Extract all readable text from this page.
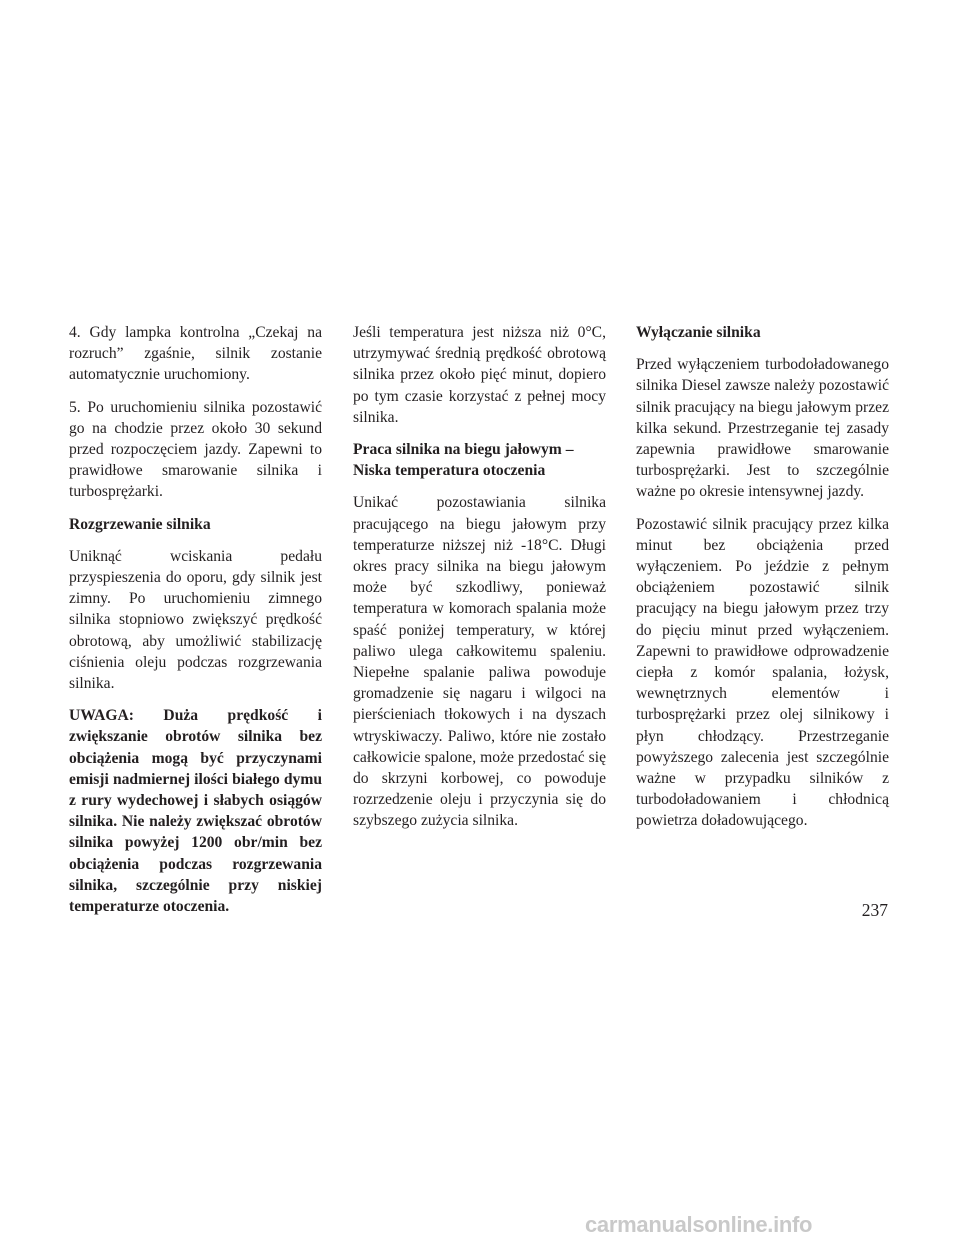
4. Gdy lampka kontrolna „Czekaj na rozruch” zgaśnie, silnik zostanie automatycznie uruchomiony.

5. Po uruchomieniu silnika pozostawić go na chodzie przez około 30 sekund przed rozpoczęciem jazdy. Zapewni to prawidłowe smarowanie silnika i turbosprężarki.

Rozgrzewanie silnika

Uniknąć wciskania pedału przyspieszenia do oporu, gdy silnik jest zimny. Po uruchomieniu zimnego silnika stopniowo zwiększyć prędkość obrotową, aby umożliwić stabilizację ciśnienia oleju podczas rozgrzewania silnika.

UWAGA: Duża prędkość i zwiększanie obrotów silnika bez obciążenia mogą być przyczynami emisji nadmiernej ilości białego dymu z rury wydechowej i słabych osiągów silnika. Nie należy zwiększać obrotów silnika powyżej 1200 obr/min bez obciążenia podczas rozgrzewania silnika, szczególnie przy niskiej temperaturze otoczenia.

Jeśli temperatura jest niższa niż 0°C, utrzymywać średnią prędkość obrotową silnika przez około pięć minut, dopiero po tym czasie korzystać z pełnej mocy silnika.

Praca silnika na biegu jałowym – Niska temperatura otoczenia

Unikać pozostawiania silnika pracującego na biegu jałowym przy temperaturze niższej niż -18°C. Długi okres pracy silnika na biegu jałowym może być szkodliwy, ponieważ temperatura w komorach spalania może spaść poniżej temperatury, w której paliwo ulega całkowitemu spaleniu. Niepełne spalanie paliwa powoduje gromadzenie się nagaru i wilgoci na pierścieniach tłokowych i na dyszach wtryskiwaczy. Paliwo, które nie zostało całkowicie spalone, może przedostać się do skrzyni korbowej, co powoduje rozrzedzenie oleju i przyczynia się do szybszego zużycia silnika.

Wyłączanie silnika

Przed wyłączeniem turbodoładowanego silnika Diesel zawsze należy pozostawić silnik pracujący na biegu jałowym przez kilka sekund. Przestrzeganie tej zasady zapewnia prawidłowe smarowanie turbosprężarki. Jest to szczególnie ważne po okresie intensywnej jazdy.

Pozostawić silnik pracujący przez kilka minut bez obciążenia przed wyłączeniem. Po jeździe z pełnym obciążeniem pozostawić silnik pracujący na biegu jałowym przez trzy do pięciu minut przed wyłączeniem. Zapewni to prawidłowe odprowadzenie ciepła z komór spalania, łożysk, wewnętrznych elementów i turbosprężarki przez olej silnikowy i płyn chłodzący. Przestrzeganie powyższego zalecenia jest szczególnie ważne w przypadku silników z turbodoładowaniem i chłodnicą powietrza doładowującego.

237
carmanualsonline.info
